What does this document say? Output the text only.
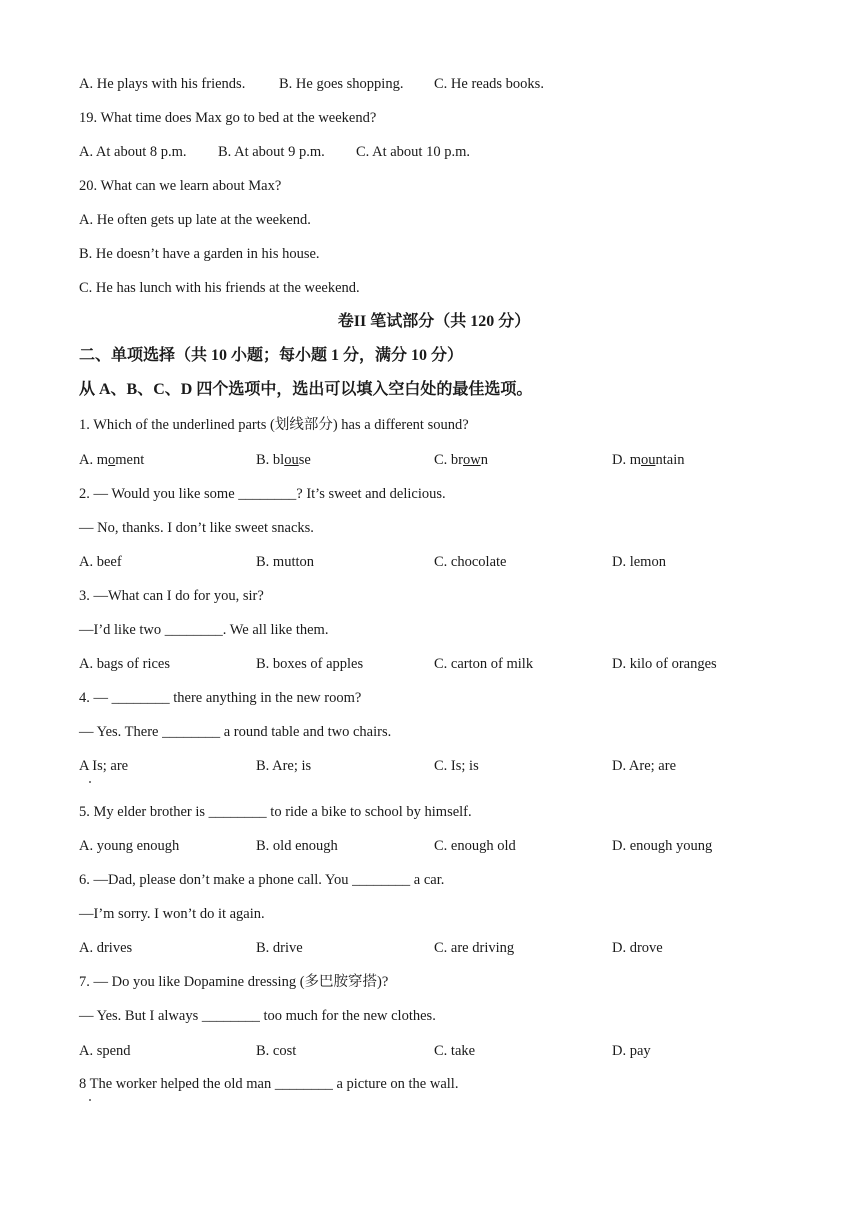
A. He plays with his friends. B. He goes shopping. C. He reads books.
19. What time does Max go to bed at the weekend?
A. At about 8 p.m. B. At about 9 p.m. C. At about 10 p.m.
20. What can we learn about Max?
A. He often gets up late at the weekend.
B. He doesn’t have a garden in his house.
C. He has lunch with his friends at the weekend.
卷II 笔试部分（共 120 分）
二、单项选择（共 10 小题；每小题 1 分，满分 10 分）
从 A、B、C、D 四个选项中，选出可以填入空白处的最佳选项。
1. Which of the underlined parts (划线部分) has a different sound?
A. moment	B. blouse	C. brown	D. mountain
2. — Would you like some ________? It’s sweet and delicious.
— No, thanks. I don’t like sweet snacks.
A. beef	B. mutton	C. chocolate	D. lemon
3. —What can I do for you, sir?
—I’d like two ________. We all like them.
A. bags of rices	B. boxes of apples	C. carton of milk	D. kilo of oranges
4. — ________ there anything in the new room?
— Yes. There ________ a round table and two chairs.
A Is; are	B. Are; is	C. Is; is	D. Are; are
5. My elder brother is ________ to ride a bike to school by himself.
A. young enough	B. old enough	C. enough old	D. enough young
6. —Dad, please don’t make a phone call. You ________ a car.
—I’m sorry. I won’t do it again.
A. drives	B. drive	C. are driving	D. drove
7. — Do you like Dopamine dressing (多巴胺穿搭)?
— Yes. But I always ________ too much for the new clothes.
A. spend	B. cost	C. take	D. pay
8 The worker helped the old man ________ a picture on the wall.
